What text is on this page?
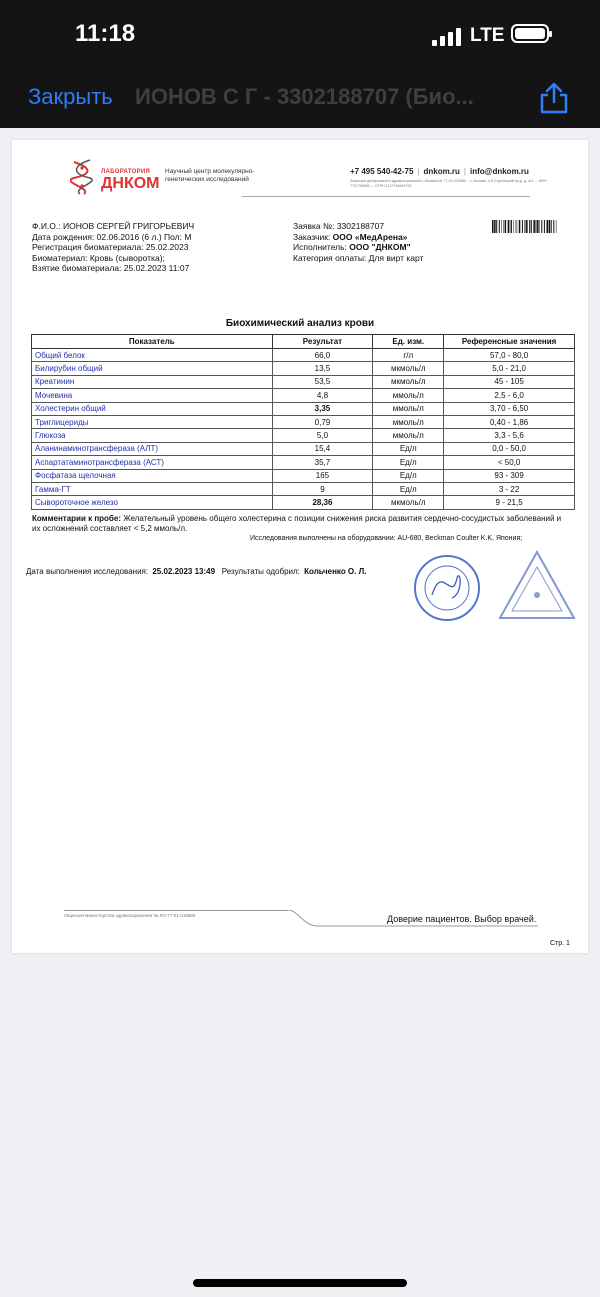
11:18	LTE
Закрыть ИОНОВ С Г - 3302188707 (Био...
ЛАБОРАТОРИЯ
ДНКОМ
Научный центр молекулярно-генетических исследований
+7 495 540-42-75 | dnkom.ru | info@dnkom.ru
Лицензия департамента здравоохранения г. Москвы № 77-01-011686 ... г. Москва, 4-й Стрелецкий пр-д, д. 4с1 ... ИНН 7707768890 ... ОГРН 1127746804725
Ф.И.О.: ИОНОВ СЕРГЕЙ ГРИГОРЬЕВИЧ
Дата рождения: 02.06.2016 (6 л.) Пол: М
Регистрация биоматериала: 25.02.2023
Биоматериал: Кровь (сыворотка);
Взятие биоматериала: 25.02.2023 11:07
Заявка №: 3302188707
Заказчик: ООО «МедАрена»
Исполнитель: ООО "ДНКОМ"
Категория оплаты: Для вирт карт
Биохимический анализ крови
Показатель	Результат	Ед. изм.	Референсные значения
Общий белок	66,0	г/л	57,0 - 80,0
Билирубин общий	13,5	мкмоль/л	5,0 - 21,0
Креатинин	53,5	мкмоль/л	45 - 105
Мочевина	4,8	ммоль/л	2,5 - 6,0
Холестерин общий	3,35	ммоль/л	3,70 - 6,50
Триглицериды	0,79	ммоль/л	0,40 - 1,86
Глюкоза	5,0	ммоль/л	3,3 - 5,6
Аланинаминотрансфераза (АЛТ)	15,4	Ед/л	0,0 - 50,0
Аспартатаминотрансфераза (АСТ)	35,7	Ед/л	< 50,0
Фосфатаза щелочная	165	Ед/л	93 - 309
Гамма-ГТ	9	Ед/л	3 - 22
Сывороточное железо	28,36	мкмоль/л	9 - 21,5
Комментарии к пробе: Желательный уровень общего холестерина с позиции снижения риска развития сердечно-сосудистых заболеваний и их осложнений составляет < 5,2 ммоль/л.
Исследования выполнены на оборудовании: AU-680, Beckman Coulter K.K, Япония;
Дата выполнения исследования: 25.02.2023 13:49 Результаты одобрил: Кольченко О. Л.
Лицензия министерства здравоохранения № ЛО-77-01-019880	Доверие пациентов. Выбор врачей.
Стр. 1
